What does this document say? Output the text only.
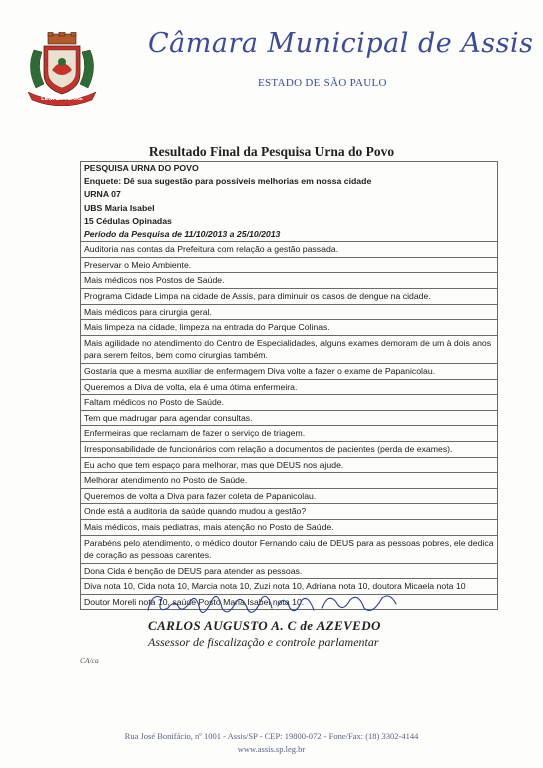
LEGI ET TERRE
Câmara Municipal de Assis
ESTADO DE SÃO PAULO
Resultado Final da Pesquisa Urna do Povo
PESQUISA URNA DO POVO
Enquete: Dê sua sugestão para possíveis melhorias em nossa cidade
URNA 07
UBS Maria Isabel
15 Cédulas Opinadas
Período da Pesquisa de 11/10/2013 a 25/10/2013

Auditoria nas contas da Prefeitura com relação a gestão passada.
Preservar o Meio Ambiente.
Mais médicos nos Postos de Saúde.
Programa Cidade Limpa na cidade de Assis, para diminuir os casos de dengue na cidade.
Mais médicos para cirurgia geral.
Mais limpeza na cidade, limpeza na entrada do Parque Colinas.
Mais agilidade no atendimento do Centro de Especialidades, alguns exames demoram de um à dois anos para serem feitos, bem como cirurgias também.
Gostaria que a mesma auxiliar de enfermagem Diva volte a fazer o exame de Papanicolau.
Queremos a Diva de volta, ela é uma ótima enfermeira.
Faltam médicos no Posto de Saúde.
Tem que madrugar para agendar consultas.
Enfermeiras que reclamam de fazer o serviço de triagem.
Irresponsabilidade de funcionários com relação a documentos de pacientes (perda de exames).
Eu acho que tem espaço para melhorar, mas que DEUS nos ajude.
Melhorar atendimento no Posto de Saúde.
Queremos de volta a Diva para fazer coleta de Papanicolau.
Onde está a auditoria da saúde quando mudou a gestão?
Mais médicos, mais pediatras, mais atenção no Posto de Saúde.
Parabéns pelo atendimento, o médico doutor Fernando caiu de DEUS para as pessoas pobres, ele dedica de coração as pessoas carentes.
Dona Cida é benção de DEUS para atender as pessoas.
Diva nota 10, Cida nota 10, Marcia nota 10, Zuzi nota 10, Adriana nota 10, doutora Micaela nota 10
Doutor Moreli nota 10, saúde Posto Maria Isabel nota 10.
CARLOS AUGUSTO A. C de AZEVEDO
Assessor de fiscalização e controle parlamentar
CA/ca
Rua José Bonifácio, nº 1001 - Assis/SP - CEP: 19800-072 - Fone/Fax: (18) 3302-4144
www.assis.sp.leg.br
